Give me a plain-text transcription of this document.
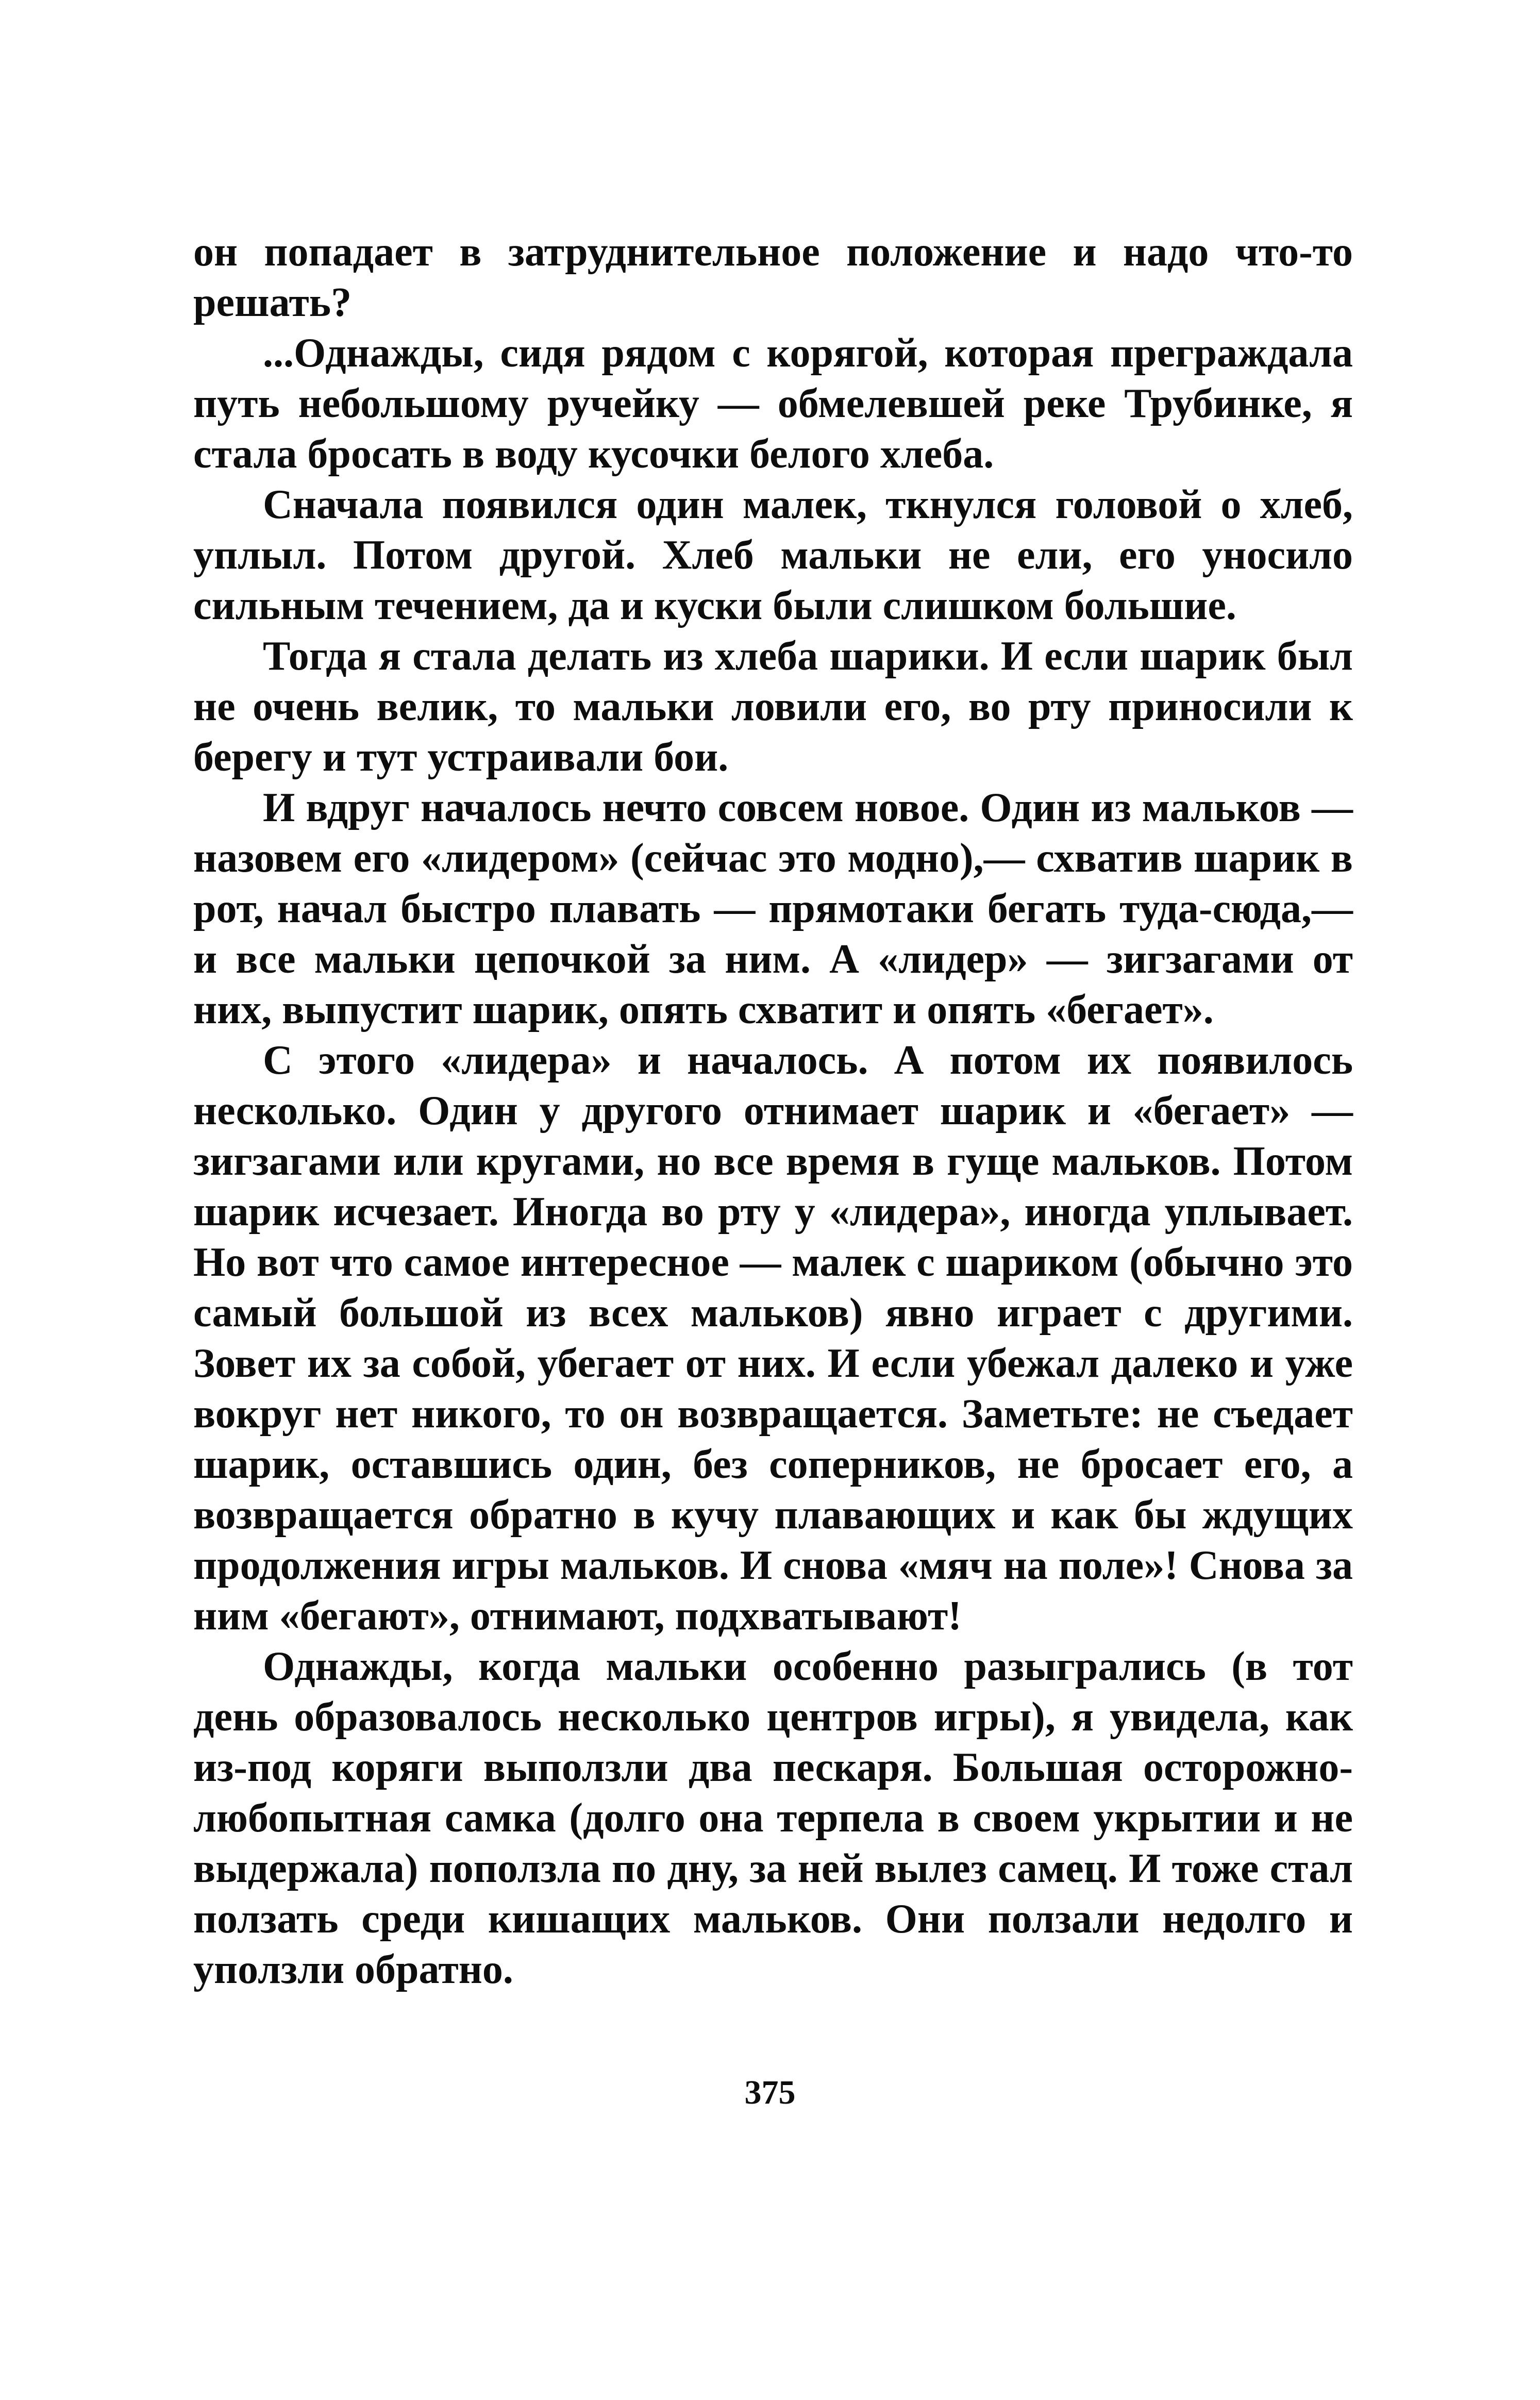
он попадает в затруднительное положение и надо что-то решать?

...Однажды, сидя рядом с корягой, которая преграждала путь небольшому ручейку — обмелевшей реке Трубинке, я стала бросать в воду кусочки белого хлеба.

Сначала появился один малек, ткнулся головой о хлеб, уплыл. Потом другой. Хлеб мальки не ели, его уносило сильным течением, да и куски были слишком большие.

Тогда я стала делать из хлеба шарики. И если шарик был не очень велик, то мальки ловили его, во рту приносили к берегу и тут устраивали бои.

И вдруг началось нечто совсем новое. Один из мальков — назовем его «лидером» (сейчас это модно),— схватив шарик в рот, начал быстро плавать — прямотаки бегать туда-сюда,— и все мальки цепочкой за ним. А «лидер» — зигзагами от них, выпустит шарик, опять схватит и опять «бегает».

С этого «лидера» и началось. А потом их появилось несколько. Один у другого отнимает шарик и «бегает» — зигзагами или кругами, но все время в гуще мальков. Потом шарик исчезает. Иногда во рту у «лидера», иногда уплывает. Но вот что самое интересное — малек с шариком (обычно это самый большой из всех мальков) явно играет с другими. Зовет их за собой, убегает от них. И если убежал далеко и уже вокруг нет никого, то он возвращается. Заметьте: не съедает шарик, оставшись один, без соперников, не бросает его, а возвращается обратно в кучу плавающих и как бы ждущих продолжения игры мальков. И снова «мяч на поле»! Снова за ним «бегают», отнимают, подхватывают!

Однажды, когда мальки особенно разыгрались (в тот день образовалось несколько центров игры), я увидела, как из-под коряги выползли два пескаря. Большая осторожно-любопытная самка (долго она терпела в своем укрытии и не выдержала) поползла по дну, за ней вылез самец. И тоже стал ползать среди кишащих мальков. Они ползали недолго и уползли обратно.

375
